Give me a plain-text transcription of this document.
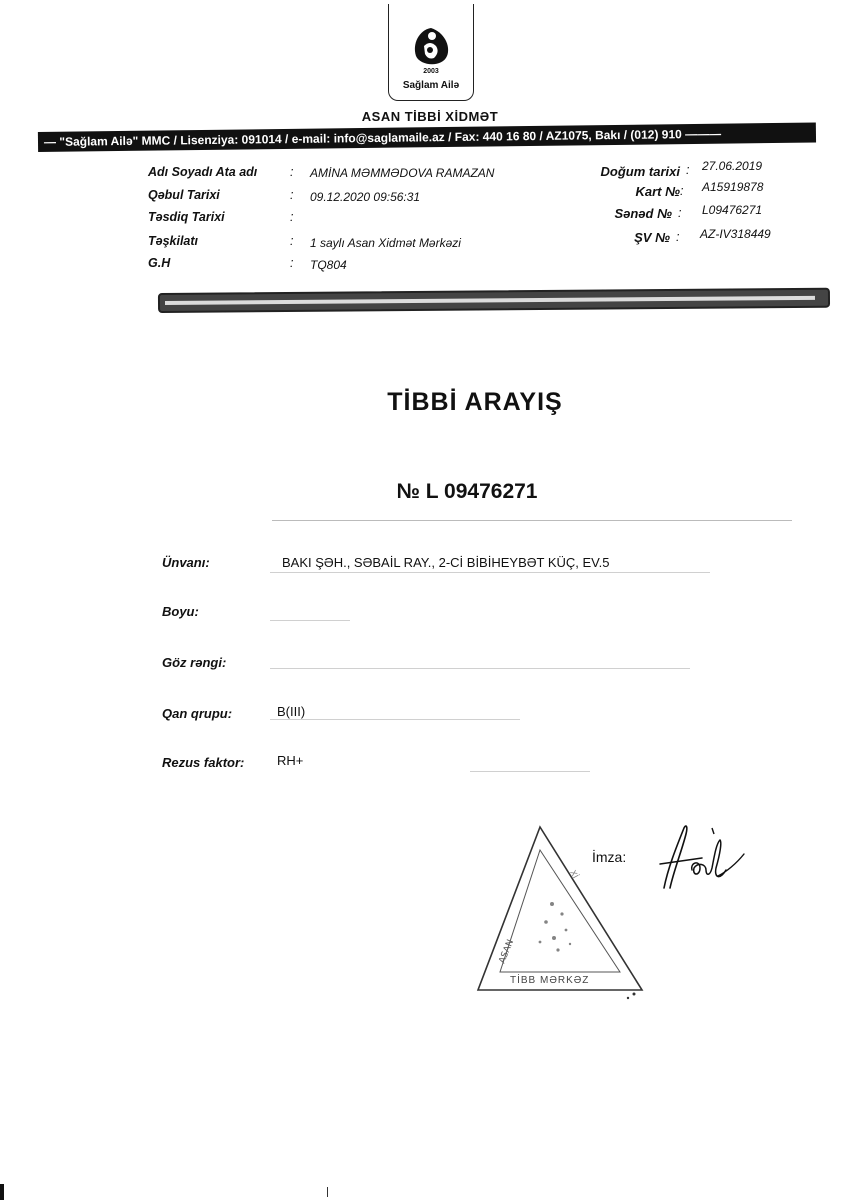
2003
Sağlam Ailə
ASAN TİBBİ XİDMƏT
— "Sağlam Ailə" MMC / Lisenziya: 091014 / e-mail: info@saglamaile.az / Fax: 440 16 80 / AZ1075, Bakı / (012) 910 ———
Adı Soyadı Ata adı	: AMİNA MƏMMƏDOVA RAMAZAN
Qəbul Tarixi	: 09.12.2020 09:56:31
Təsdiq Tarixi	:
Təşkilatı	: 1 saylı Asan Xidmət Mərkəzi
G.H	: TQ804
Doğum tarixi : 27.06.2019
Kart № : A15919878
Sənəd № : L09476271
ŞV № : AZ-IV318449
TİBBİ ARAYIŞ
№ L 09476271
Ünvanı:	BAKI ŞƏH., SƏBAİL RAY., 2-Cİ BİBİHEYBƏT KÜÇ, EV.5
Boyu:
Göz rəngi:
Qan qrupu:	B(III)
Rezus faktor:	RH+
ASAN
Xİ
TİBB MƏRKƏZ
İmza:
